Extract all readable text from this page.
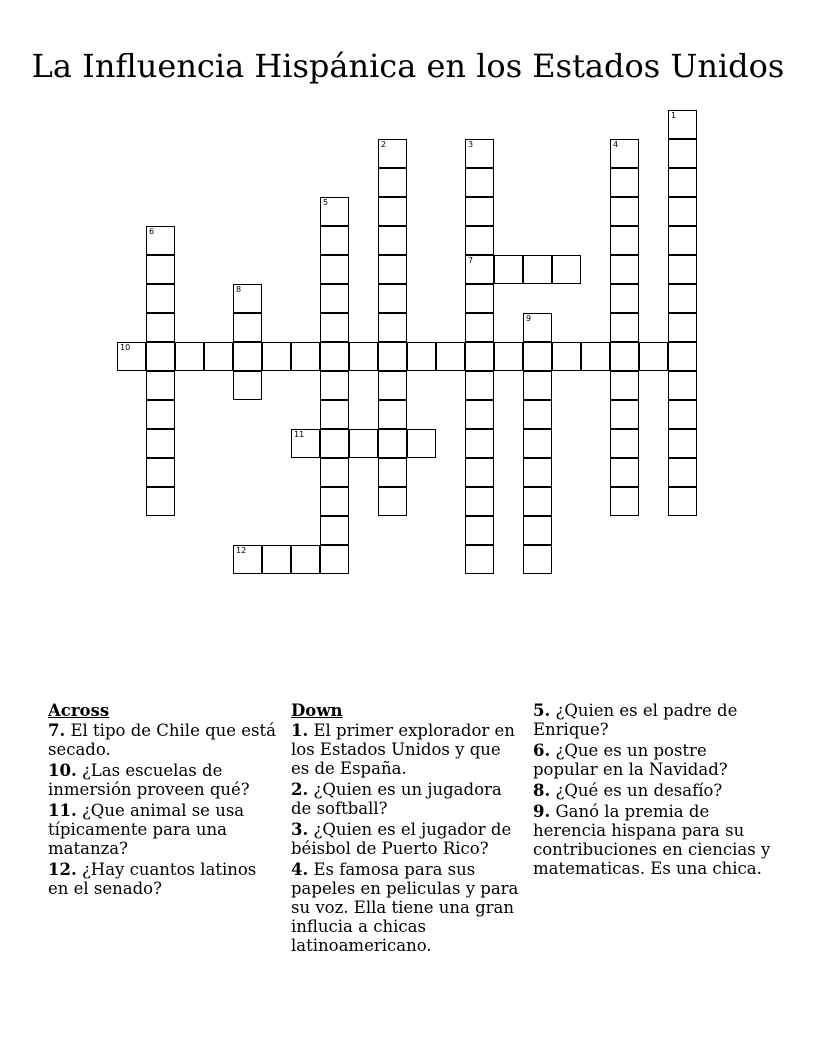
La Influencia Hispánica en los Estados Unidos
1
2	3
7
4
5
6
8
9
10
11
12
Across
7. El tipo de Chile que está secado.
10. ¿Las escuelas de inmersión proveen qué?
11. ¿Que animal se usa típicamente para una matanza?
12. ¿Hay cuantos latinos en el senado?
Down
1. El primer explorador en los Estados Unidos y que es de España.
2. ¿Quien es un jugadora de softball?
3. ¿Quien es el jugador de béisbol de Puerto Rico?
4. Es famosa para sus papeles en peliculas y para su voz. Ella tiene una gran influcia a chicas latinoamericano.
5. ¿Quien es el padre de Enrique?
6. ¿Que es un postre popular en la Navidad?
8. ¿Qué es un desafío?
9. Ganó la premia de herencia hispana para su contribuciones en ciencias y matematicas. Es una chica.
